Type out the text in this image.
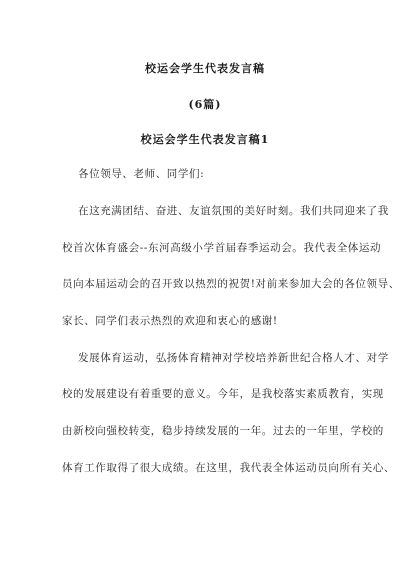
校运会学生代表发言稿
(6篇)
校运会学生代表发言稿1
各位领导、老师、同学们:
在这充满团结、奋进、友谊氛围的美好时刻。我们共同迎来了我
校首次体育盛会--东河高级小学首届春季运动会。我代表全体运动
员向本届运动会的召开致以热烈的祝贺!对前来参加大会的各位领导、
家长、同学们表示热烈的欢迎和衷心的感谢!
发展体育运动，弘扬体育精神对学校培养新世纪合格人才、对学
校的发展建设有着重要的意义。今年，是我校落实素质教育，实现
由新校向强校转变，稳步持续发展的一年。过去的一年里，学校的
体育工作取得了很大成绩。在这里，我代表全体运动员向所有关心、
